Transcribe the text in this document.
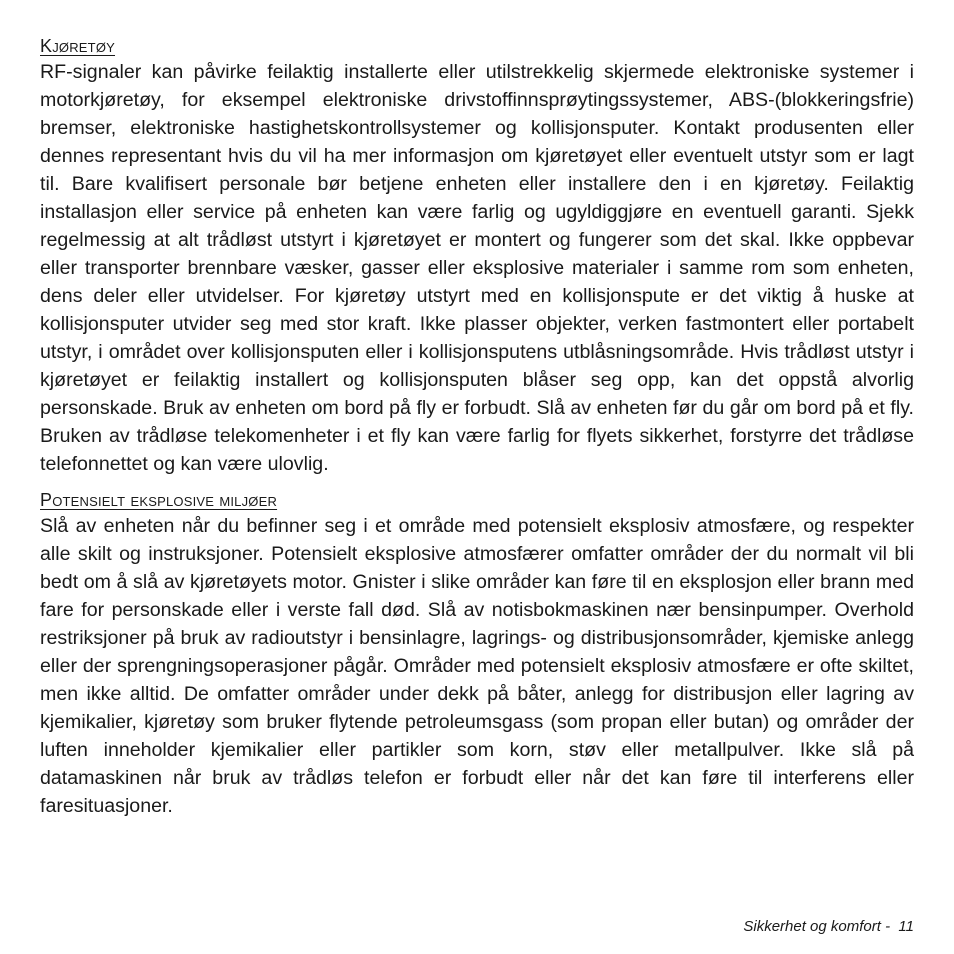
Kjøretøy

RF-signaler kan påvirke feilaktig installerte eller utilstrekkelig skjermede elektroniske systemer i motorkjøretøy, for eksempel elektroniske drivstoffinnsprøytingssystemer, ABS-(blokkeringsfrie) bremser, elektroniske hastighetskontrollsystemer og kollisjonsputer. Kontakt produsenten eller dennes representant hvis du vil ha mer informasjon om kjøretøyet eller eventuelt utstyr som er lagt til. Bare kvalifisert personale bør betjene enheten eller installere den i en kjøretøy. Feilaktig installasjon eller service på enheten kan være farlig og ugyldiggjøre en eventuell garanti. Sjekk regelmessig at alt trådløst utstyrt i kjøretøyet er montert og fungerer som det skal. Ikke oppbevar eller transporter brennbare væsker, gasser eller eksplosive materialer i samme rom som enheten, dens deler eller utvidelser. For kjøretøy utstyrt med en kollisjonspute er det viktig å huske at kollisjonsputer utvider seg med stor kraft. Ikke plasser objekter, verken fastmontert eller portabelt utstyr, i området over kollisjonsputen eller i kollisjonsputens utblåsningsområde. Hvis trådløst utstyr i kjøretøyet er feilaktig installert og kollisjonsputen blåser seg opp, kan det oppstå alvorlig personskade. Bruk av enheten om bord på fly er forbudt. Slå av enheten før du går om bord på et fly. Bruken av trådløse telekomenheter i et fly kan være farlig for flyets sikkerhet, forstyrre det trådløse telefonnettet og kan være ulovlig.

Potensielt eksplosive miljøer

Slå av enheten når du befinner seg i et område med potensielt eksplosiv atmosfære, og respekter alle skilt og instruksjoner. Potensielt eksplosive atmosfærer omfatter områder der du normalt vil bli bedt om å slå av kjøretøyets motor. Gnister i slike områder kan føre til en eksplosjon eller brann med fare for personskade eller i verste fall død. Slå av notisbokmaskinen nær bensinpumper. Overhold restriksjoner på bruk av radioutstyr i bensinlagre, lagrings- og distribusjonsområder, kjemiske anlegg eller der sprengningsoperasjoner pågår. Områder med potensielt eksplosiv atmosfære er ofte skiltet, men ikke alltid. De omfatter områder under dekk på båter, anlegg for distribusjon eller lagring av kjemikalier, kjøretøy som bruker flytende petroleumsgass (som propan eller butan) og områder der luften inneholder kjemikalier eller partikler som korn, støv eller metallpulver. Ikke slå på datamaskinen når bruk av trådløs telefon er forbudt eller når det kan føre til interferens eller faresituasjoner.

Sikkerhet og komfort -  11
